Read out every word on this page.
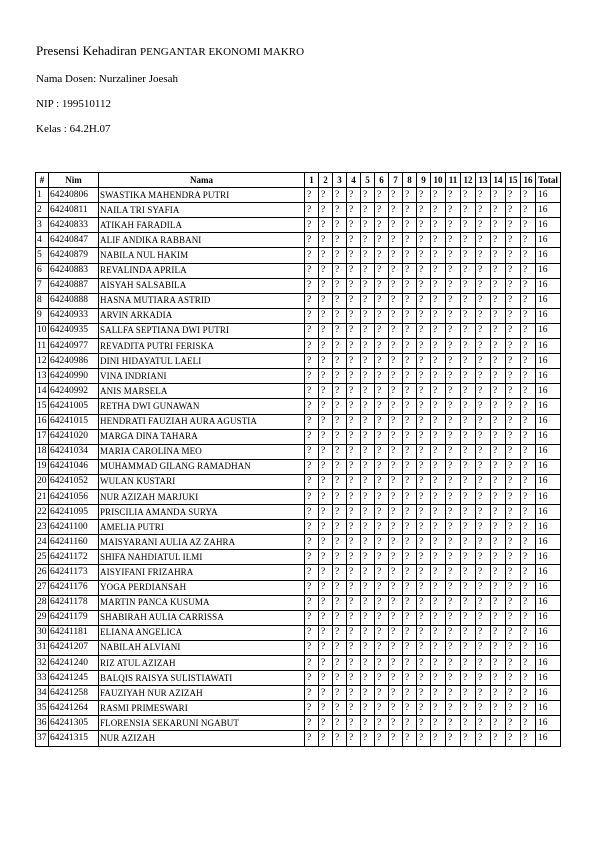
Presensi Kehadiran PENGANTAR EKONOMI MAKRO
Nama Dosen: Nurzaliner Joesah
NIP : 199510112
Kelas : 64.2H.07
#	Nim	Nama	1	2	3	4	5	6	7	8	9	10	11	12	13	14	15	16	Total
1	64240806	SWASTIKA MAHENDRA PUTRI	?	?	?	?	?	?	?	?	?	?	?	?	?	?	?	?	16
2	64240811	NAILA TRI SYAFIA	?	?	?	?	?	?	?	?	?	?	?	?	?	?	?	?	16
3	64240833	ATIKAH FARADILA	?	?	?	?	?	?	?	?	?	?	?	?	?	?	?	?	16
4	64240847	ALIF ANDIKA RABBANI	?	?	?	?	?	?	?	?	?	?	?	?	?	?	?	?	16
5	64240879	NABILA NUL HAKIM	?	?	?	?	?	?	?	?	?	?	?	?	?	?	?	?	16
6	64240883	REVALINDA APRILA	?	?	?	?	?	?	?	?	?	?	?	?	?	?	?	?	16
7	64240887	AISYAH SALSABILA	?	?	?	?	?	?	?	?	?	?	?	?	?	?	?	?	16
8	64240888	HASNA MUTIARA ASTRID	?	?	?	?	?	?	?	?	?	?	?	?	?	?	?	?	16
9	64240933	ARVIN ARKADIA	?	?	?	?	?	?	?	?	?	?	?	?	?	?	?	?	16
10	64240935	SALLFA SEPTIANA DWI PUTRI	?	?	?	?	?	?	?	?	?	?	?	?	?	?	?	?	16
11	64240977	REVADITA PUTRI FERISKA	?	?	?	?	?	?	?	?	?	?	?	?	?	?	?	?	16
12	64240986	DINI HIDAYATUL LAELI	?	?	?	?	?	?	?	?	?	?	?	?	?	?	?	?	16
13	64240990	VINA INDRIANI	?	?	?	?	?	?	?	?	?	?	?	?	?	?	?	?	16
14	64240992	ANIS MARSELA	?	?	?	?	?	?	?	?	?	?	?	?	?	?	?	?	16
15	64241005	RETHA DWI GUNAWAN	?	?	?	?	?	?	?	?	?	?	?	?	?	?	?	?	16
16	64241015	HENDRATI FAUZIAH AURA AGUSTIA	?	?	?	?	?	?	?	?	?	?	?	?	?	?	?	?	16
17	64241020	MARGA DINA TAHARA	?	?	?	?	?	?	?	?	?	?	?	?	?	?	?	?	16
18	64241034	MARIA CAROLINA MEO	?	?	?	?	?	?	?	?	?	?	?	?	?	?	?	?	16
19	64241046	MUHAMMAD GILANG RAMADHAN	?	?	?	?	?	?	?	?	?	?	?	?	?	?	?	?	16
20	64241052	WULAN KUSTARI	?	?	?	?	?	?	?	?	?	?	?	?	?	?	?	?	16
21	64241056	NUR AZIZAH MARJUKI	?	?	?	?	?	?	?	?	?	?	?	?	?	?	?	?	16
22	64241095	PRISCILIA AMANDA SURYA	?	?	?	?	?	?	?	?	?	?	?	?	?	?	?	?	16
23	64241100	AMELIA PUTRI	?	?	?	?	?	?	?	?	?	?	?	?	?	?	?	?	16
24	64241160	MAISYARANI AULIA AZ ZAHRA	?	?	?	?	?	?	?	?	?	?	?	?	?	?	?	?	16
25	64241172	SHIFA NAHDIATUL ILMI	?	?	?	?	?	?	?	?	?	?	?	?	?	?	?	?	16
26	64241173	AISYIFANI FRIZAHRA	?	?	?	?	?	?	?	?	?	?	?	?	?	?	?	?	16
27	64241176	YOGA PERDIANSAH	?	?	?	?	?	?	?	?	?	?	?	?	?	?	?	?	16
28	64241178	MARTIN PANCA KUSUMA	?	?	?	?	?	?	?	?	?	?	?	?	?	?	?	?	16
29	64241179	SHABIRAH AULIA CARRISSA	?	?	?	?	?	?	?	?	?	?	?	?	?	?	?	?	16
30	64241181	ELIANA ANGELICA	?	?	?	?	?	?	?	?	?	?	?	?	?	?	?	?	16
31	64241207	NABILAH ALVIANI	?	?	?	?	?	?	?	?	?	?	?	?	?	?	?	?	16
32	64241240	RIZ ATUL AZIZAH	?	?	?	?	?	?	?	?	?	?	?	?	?	?	?	?	16
33	64241245	BALQIS RAISYA SULISTIAWATI	?	?	?	?	?	?	?	?	?	?	?	?	?	?	?	?	16
34	64241258	FAUZIYAH NUR AZIZAH	?	?	?	?	?	?	?	?	?	?	?	?	?	?	?	?	16
35	64241264	RASMI PRIMESWARI	?	?	?	?	?	?	?	?	?	?	?	?	?	?	?	?	16
36	64241305	FLORENSIA SEKARUNI NGABUT	?	?	?	?	?	?	?	?	?	?	?	?	?	?	?	?	16
37	64241315	NUR AZIZAH	?	?	?	?	?	?	?	?	?	?	?	?	?	?	?	?	16
